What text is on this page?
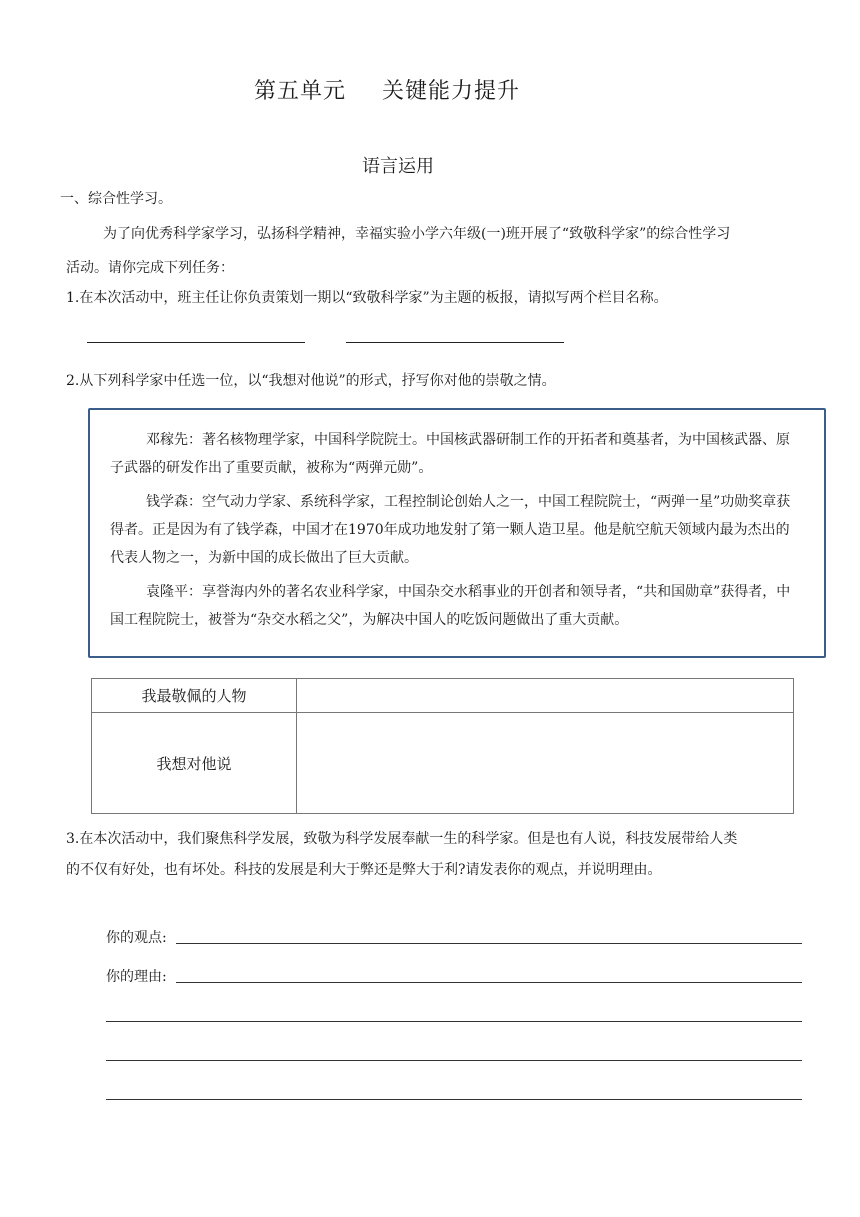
第五单元 关键能力提升
语言运用
一、综合性学习。
为了向优秀科学家学习，弘扬科学精神，幸福实验小学六年级(一)班开展了“致敬科学家”的综合性学习
活动。请你完成下列任务：
1.在本次活动中，班主任让你负责策划一期以“致敬科学家”为主题的板报，请拟写两个栏目名称。
2.从下列科学家中任选一位，以“我想对他说”的形式，抒写你对他的崇敬之情。
邓稼先：著名核物理学家，中国科学院院士。中国核武器研制工作的开拓者和奠基者，为中国核武器、原子武器的研发作出了重要贡献，被称为“两弹元勋”。
钱学森：空气动力学家、系统科学家，工程控制论创始人之一，中国工程院院士，“两弹一星”功勋奖章获得者。正是因为有了钱学森，中国才在1970年成功地发射了第一颗人造卫星。他是航空航天领域内最为杰出的代表人物之一，为新中国的成长做出了巨大贡献。
袁隆平：享誉海内外的著名农业科学家，中国杂交水稻事业的开创者和领导者，“共和国勋章”获得者，中国工程院院士，被誉为“杂交水稻之父”，为解决中国人的吃饭问题做出了重大贡献。
我最敬佩的人物	
我想对他说	
3.在本次活动中，我们聚焦科学发展，致敬为科学发展奉献一生的科学家。但是也有人说，科技发展带给人类
的不仅有好处，也有坏处。科技的发展是利大于弊还是弊大于利?请发表你的观点，并说明理由。
你的观点:
你的理由:
